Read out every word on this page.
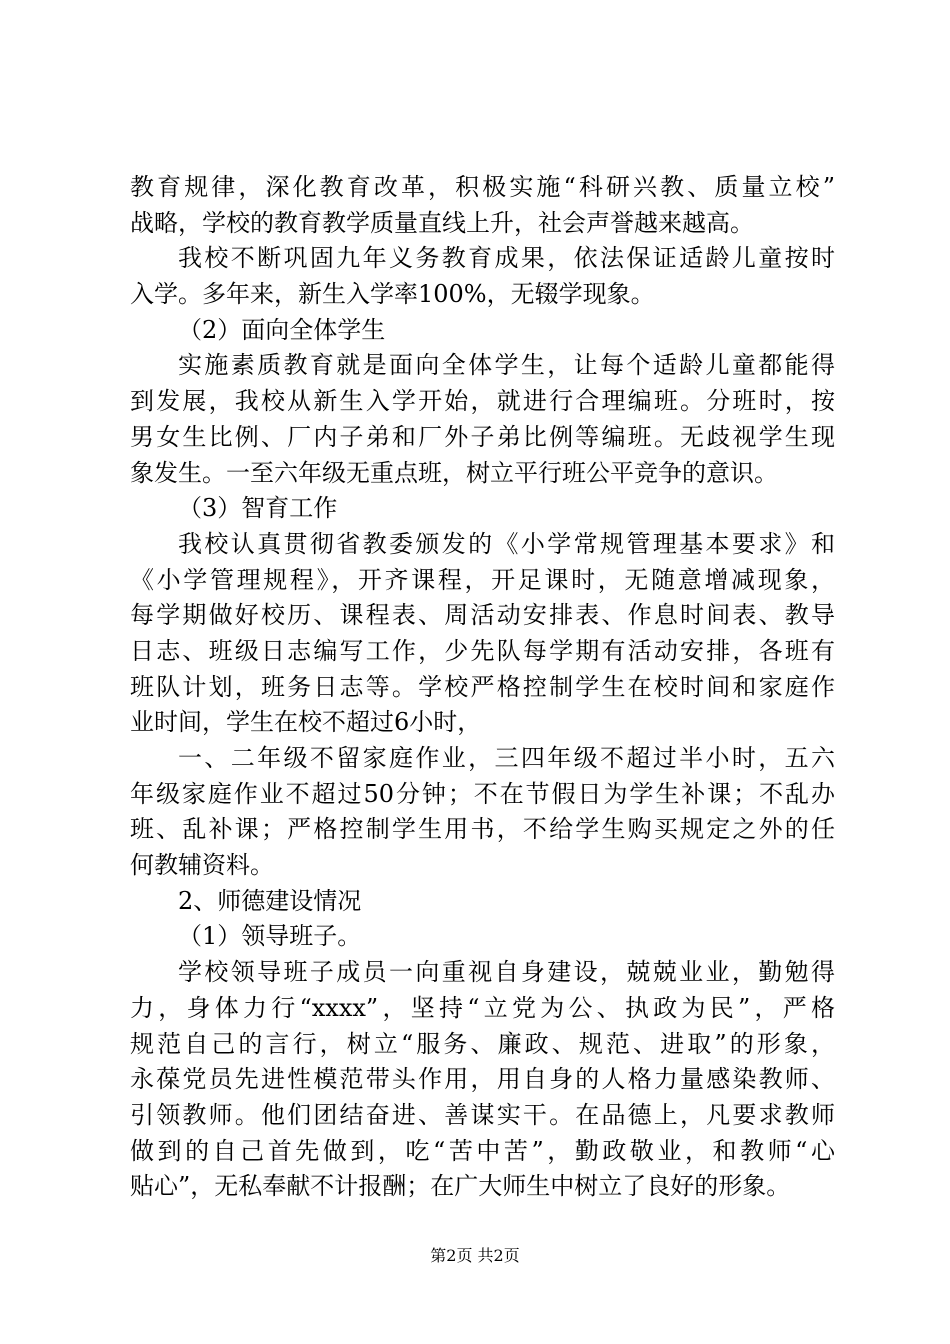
教育规律，深化教育改革，积极实施“科研兴教、质量立校”
战略，学校的教育教学质量直线上升，社会声誉越来越高。
我校不断巩固九年义务教育成果，依法保证适龄儿童按时
入学。多年来，新生入学率100%，无辍学现象。
（2）面向全体学生
实施素质教育就是面向全体学生，让每个适龄儿童都能得
到发展，我校从新生入学开始，就进行合理编班。分班时，按
男女生比例、厂内子弟和厂外子弟比例等编班。无歧视学生现
象发生。一至六年级无重点班，树立平行班公平竞争的意识。
（3）智育工作
我校认真贯彻省教委颁发的《小学常规管理基本要求》和
《小学管理规程》，开齐课程，开足课时，无随意增减现象，
每学期做好校历、课程表、周活动安排表、作息时间表、教导
日志、班级日志编写工作，少先队每学期有活动安排，各班有
班队计划，班务日志等。学校严格控制学生在校时间和家庭作
业时间，学生在校不超过6小时，
一、二年级不留家庭作业，三四年级不超过半小时，五六
年级家庭作业不超过50分钟；不在节假日为学生补课；不乱办
班、乱补课；严格控制学生用书，不给学生购买规定之外的任
何教辅资料。
2、师德建设情况
（1）领导班子。
学校领导班子成员一向重视自身建设，兢兢业业，勤勉得
力，身体力行“xxxx”，坚持“立党为公、执政为民”，严格
规范自己的言行，树立“服务、廉政、规范、进取”的形象，
永葆党员先进性模范带头作用，用自身的人格力量感染教师、
引领教师。他们团结奋进、善谋实干。在品德上，凡要求教师
做到的自己首先做到，吃“苦中苦”，勤政敬业，和教师“心
贴心”，无私奉献不计报酬；在广大师生中树立了良好的形象。
第2页 共2页
